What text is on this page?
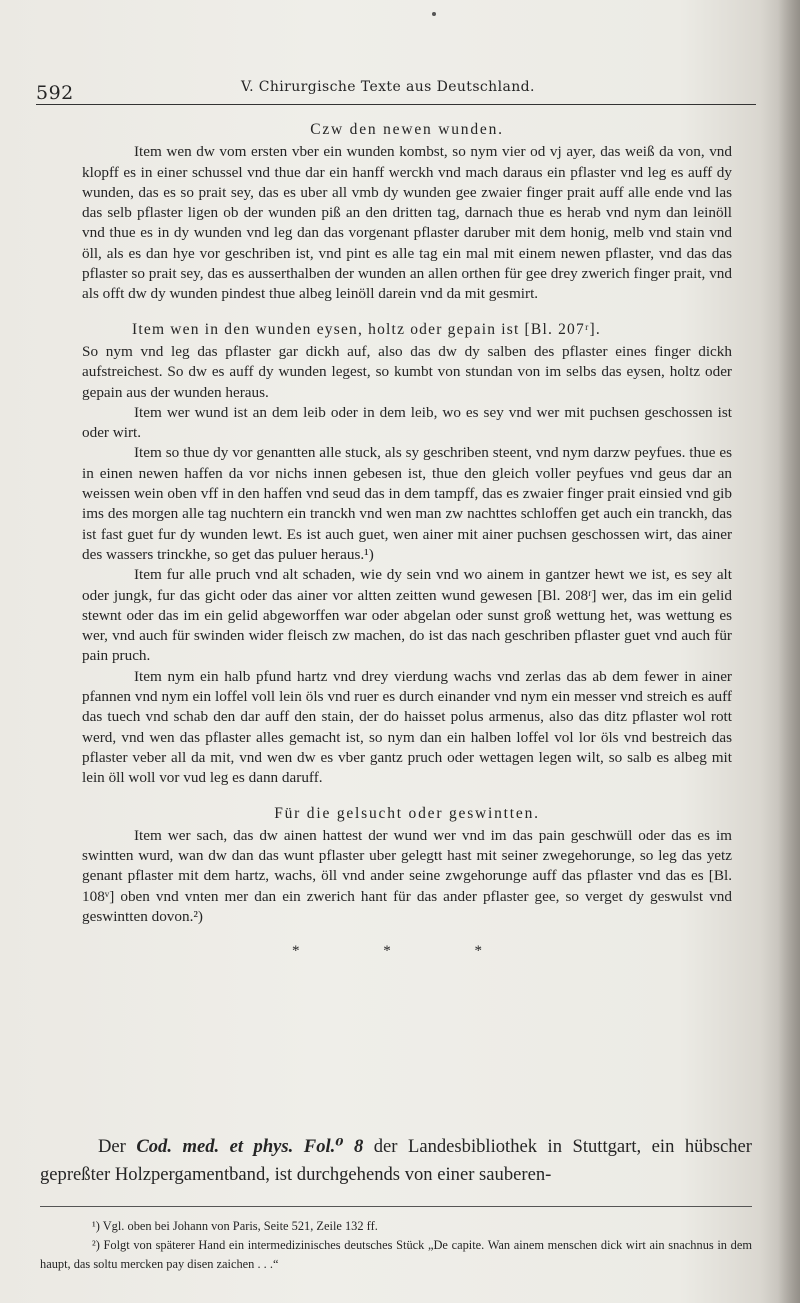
592	V. Chirurgische Texte aus Deutschland.
Czw den newen wunden.

Item wen dw vom ersten vber ein wunden kombst, so nym vier od vj ayer, das weiß da von, vnd klopff es in einer schussel vnd thue dar ein hanff werckh vnd mach daraus ein pflaster vnd leg es auff dy wunden, das es so prait sey, das es uber all vmb dy wunden gee zwaier finger prait auff alle ende vnd las das selb pflaster ligen ob der wunden piß an den dritten tag, darnach thue es herab vnd nym dan leinöll vnd thue es in dy wunden vnd leg dan das vorgenant pflaster daruber mit dem honig, melb vnd stain vnd öll, als es dan hye vor geschriben ist, vnd pint es alle tag ein mal mit einem newen pflaster, vnd das das pflaster so prait sey, das es ausserthalben der wunden an allen orthen für gee drey zwerich finger prait, vnd als offt dw dy wunden pindest thue albeg leinöll darein vnd da mit gesmirt.

Item wen in den wunden eysen, holtz oder gepain ist [Bl. 207ʳ].

So nym vnd leg das pflaster gar dickh auf, also das dw dy salben des pflaster eines finger dickh aufstreichest. So dw es auff dy wunden legest, so kumbt von stundan von im selbs das eysen, holtz oder gepain aus der wunden heraus.

Item wer wund ist an dem leib oder in dem leib, wo es sey vnd wer mit puchsen geschossen ist oder wirt.

Item so thue dy vor genantten alle stuck, als sy geschriben steent, vnd nym darzw peyfues. thue es in einen newen haffen da vor nichs innen gebesen ist, thue den gleich voller peyfues vnd geus dar an weissen wein oben vff in den haffen vnd seud das in dem tampff, das es zwaier finger prait einsied vnd gib ims des morgen alle tag nuchtern ein tranckh vnd wen man zw nachttes schloffen get auch ein tranckh, das ist fast guet fur dy wunden lewt. Es ist auch guet, wen ainer mit ainer puchsen geschossen wirt, das ainer des wassers trinckhe, so get das puluer heraus.¹)

Item fur alle pruch vnd alt schaden, wie dy sein vnd wo ainem in gantzer hewt we ist, es sey alt oder jungk, fur das gicht oder das ainer vor altten zeitten wund gewesen [Bl. 208ʳ] wer, das im ein gelid stewnt oder das im ein gelid abgeworffen war oder abgelan oder sunst groß wettung het, was wettung es wer, vnd auch für swinden wider fleisch zw machen, do ist das nach geschriben pflaster guet vnd auch für pain pruch.

Item nym ein halb pfund hartz vnd drey vierdung wachs vnd zerlas das ab dem fewer in ainer pfannen vnd nym ein loffel voll lein öls vnd ruer es durch einander vnd nym ein messer vnd streich es auff das tuech vnd schab den dar auff den stain, der do haisset polus armenus, also das ditz pflaster wol rott werd, vnd wen das pflaster alles gemacht ist, so nym dan ein halben loffel vol lor öls vnd bestreich das pflaster veber all da mit, vnd wen dw es vber gantz pruch oder wettagen legen wilt, so salb es albeg mit lein öll woll vor vud leg es dann daruff.

Für die gelsucht oder geswintten.

Item wer sach, das dw ainen hattest der wund wer vnd im das pain geschwüll oder das es im swintten wurd, wan dw dan das wunt pflaster uber gelegtt hast mit seiner zwegehorunge, so leg das yetz genant pflaster mit dem hartz, wachs, öll vnd ander seine zwgehorunge auff das pflaster vnd das es [Bl. 108ᵛ] oben vnd vnten mer dan ein zwerich hant für das ander pflaster gee, so verget dy geswulst vnd geswintten dovon.²)

* * *

Der Cod. med. et phys. Fol.⁰ 8 der Landesbibliothek in Stuttgart, ein hübscher gepreßter Holzpergamentband, ist durchgehends von einer sauberen-

¹) Vgl. oben bei Johann von Paris, Seite 521, Zeile 132 ff.
²) Folgt von späterer Hand ein intermedizinisches deutsches Stück „De capite. Wan ainem menschen dick wirt ain snachnus in dem haupt, das soltu mercken pay disen zaichen . . .“
